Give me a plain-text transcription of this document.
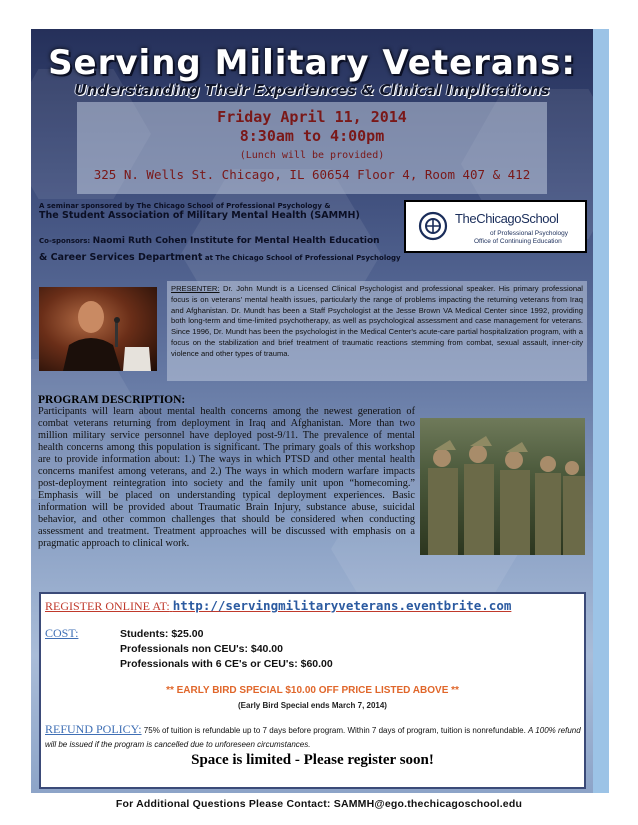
Serving Military Veterans:
Understanding Their Experiences & Clinical Implications
Friday April 11, 2014
8:30am to 4:00pm
(Lunch will be provided)
325 N. Wells St. Chicago, IL 60654 Floor 4, Room 407 & 412
A seminar sponsored by The Chicago School of Professional Psychology &
The Student Association of Military Mental Health (SAMMH)
Co-sponsors: Naomi Ruth Cohen Institute for Mental Health Education
& Career Services Department at The Chicago School of Professional Psychology
TheChicagoSchool
of Professional Psychology
Office of Continuing Education
PRESENTER: Dr. John Mundt is a Licensed Clinical Psychologist and professional speaker. His primary professional focus is on veterans' mental health issues, particularly the range of problems impacting the returning veterans from Iraq and Afghanistan. Dr. Mundt has been a Staff Psychologist at the Jesse Brown VA Medical Center since 1992, providing both long-term and time-limited psychotherapy, as well as psychological assessment and case management for veterans. Since 1996, Dr. Mundt has been the psychologist in the Medical Center's acute-care partial hospitalization program, with a focus on the stabilization and brief treatment of traumatic reactions stemming from combat, sexual assault, inner-city violence and other types of trauma.
PROGRAM DESCRIPTION:
Participants will learn about mental health concerns among the newest generation of combat veterans returning from deployment in Iraq and Afghanistan. More than two million military service personnel have deployed post-9/11. The prevalence of mental health concerns among this population is significant. The primary goals of this workshop are to provide information about: 1.) The ways in which PTSD and other mental health concerns manifest among veterans, and 2.) The ways in which modern warfare impacts post-deployment reintegration into society and the family unit upon “homecoming.” Emphasis will be placed on understanding typical deployment experiences. Basic information will be provided about Traumatic Brain Injury, substance abuse, suicidal behavior, and other common challenges that should be considered when conducting assessment and treatment. Treatment approaches will be discussed with emphasis on a pragmatic approach to clinical work.
REGISTER ONLINE AT: http://servingmilitaryveterans.eventbrite.com
COST:	Students: $25.00
Professionals non CEU's: $40.00
Professionals with 6 CE's or CEU's: $60.00
** EARLY BIRD SPECIAL $10.00 OFF PRICE LISTED ABOVE **
(Early Bird Special ends March 7, 2014)
REFUND POLICY: 75% of tuition is refundable up to 7 days before program. Within 7 days of program, tuition is nonrefundable. A 100% refund will be issued if the program is cancelled due to unforeseen circumstances.
Space is limited - Please register soon!
For Additional Questions Please Contact: SAMMH@ego.thechicagoschool.edu
